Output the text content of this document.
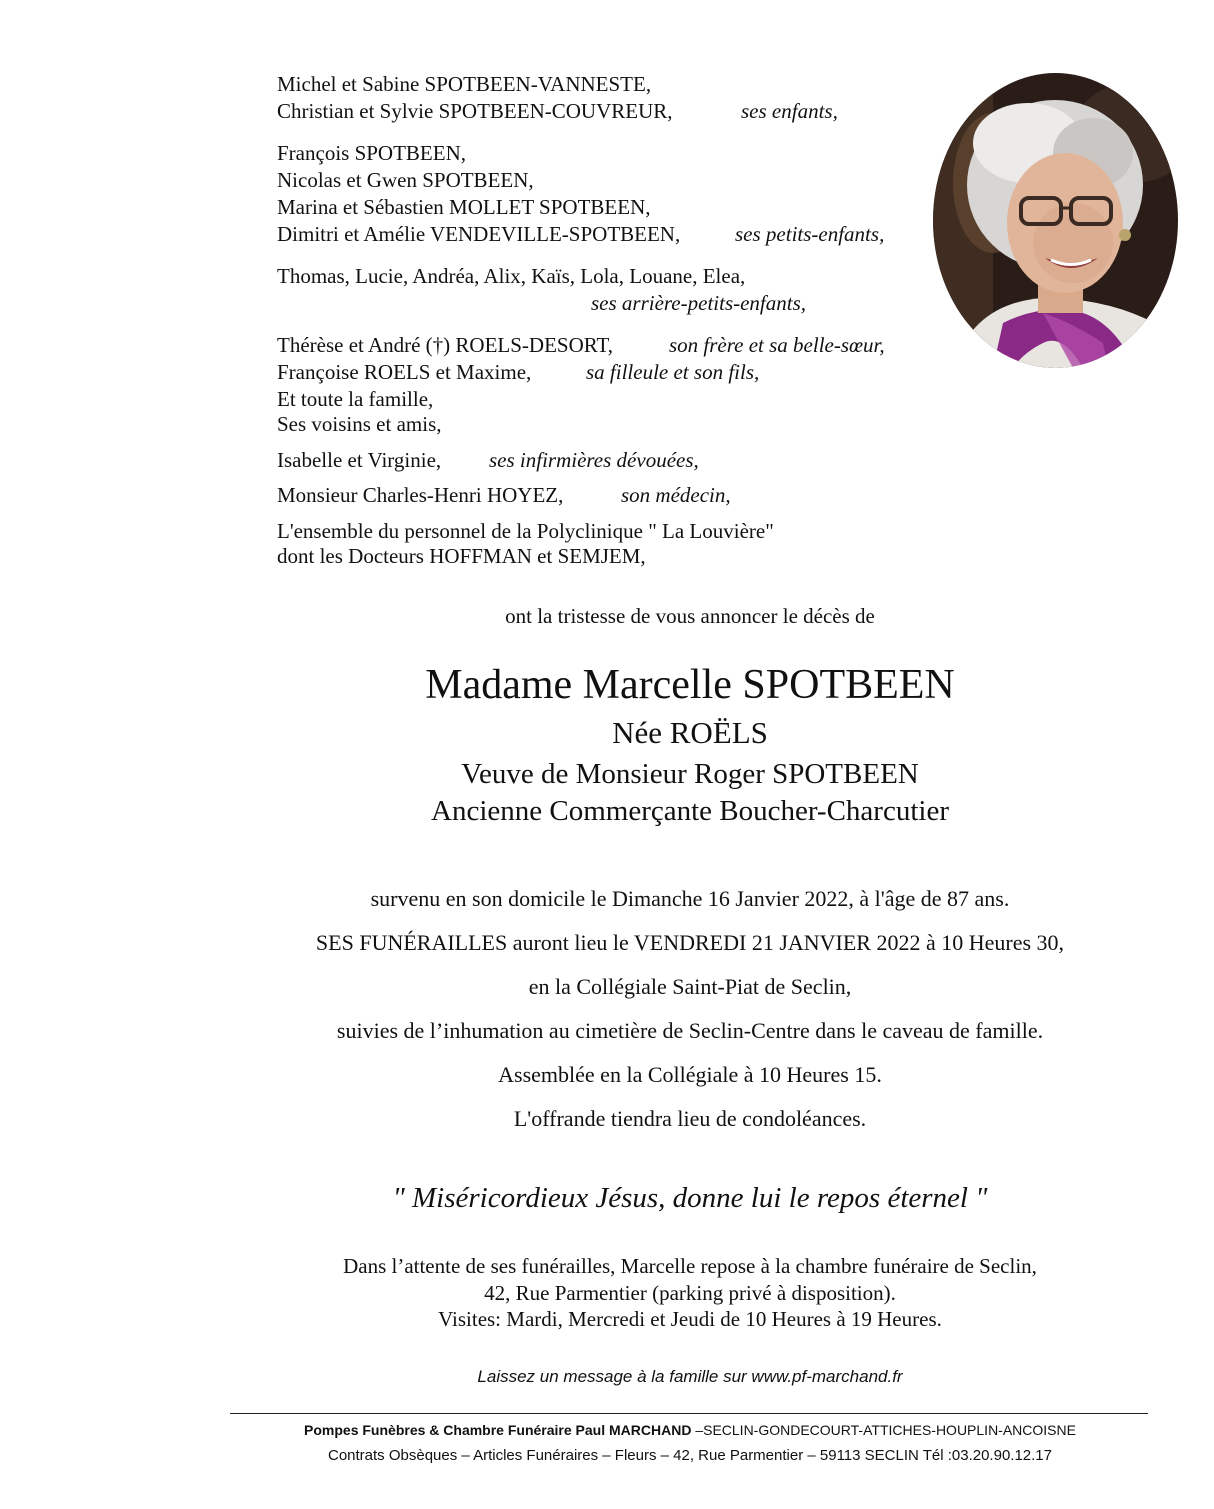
Michel et Sabine SPOTBEEN-VANNESTE,
Christian et Sylvie SPOTBEEN-COUVREUR,	ses enfants,
François SPOTBEEN,
Nicolas et Gwen SPOTBEEN,
Marina et Sébastien MOLLET SPOTBEEN,
Dimitri et Amélie VENDEVILLE-SPOTBEEN,	ses petits-enfants,
Thomas, Lucie, Andréa, Alix, Kaïs, Lola, Louane, Elea,
ses arrière-petits-enfants,
Thérèse et André (†) ROELS-DESORT,	son frère et sa belle-sœur,
Françoise ROELS et Maxime,	sa filleule et son fils,
Et toute la famille,
Ses voisins et amis,
Isabelle et Virginie, ses infirmières dévouées,
Monsieur Charles-Henri HOYEZ,	son médecin,
L'ensemble du personnel de la Polyclinique " La Louvière"
dont les Docteurs HOFFMAN et SEMJEM,
ont la tristesse de vous annoncer le décès de
Madame Marcelle SPOTBEEN
Née ROËLS
Veuve de Monsieur Roger SPOTBEEN
Ancienne Commerçante Boucher-Charcutier
survenu en son domicile le Dimanche 16 Janvier 2022, à l'âge de 87 ans.
SES FUNÉRAILLES auront lieu le VENDREDI 21 JANVIER 2022 à 10 Heures 30,
en la Collégiale Saint-Piat de Seclin,
suivies de l’inhumation au cimetière de Seclin-Centre dans le caveau de famille.
Assemblée en la Collégiale à 10 Heures 15.
L'offrande tiendra lieu de condoléances.
" Miséricordieux Jésus, donne lui le repos éternel "
Dans l’attente de ses funérailles, Marcelle repose à la chambre funéraire de Seclin,
42, Rue Parmentier (parking privé à disposition).
Visites: Mardi, Mercredi et Jeudi de 10 Heures à 19 Heures.
Laissez un message à la famille sur www.pf-marchand.fr
Pompes Funèbres & Chambre Funéraire Paul MARCHAND –SECLIN-GONDECOURT-ATTICHES-HOUPLIN-ANCOISNE
Contrats Obsèques – Articles Funéraires – Fleurs – 42, Rue Parmentier – 59113 SECLIN Tél :03.20.90.12.17
